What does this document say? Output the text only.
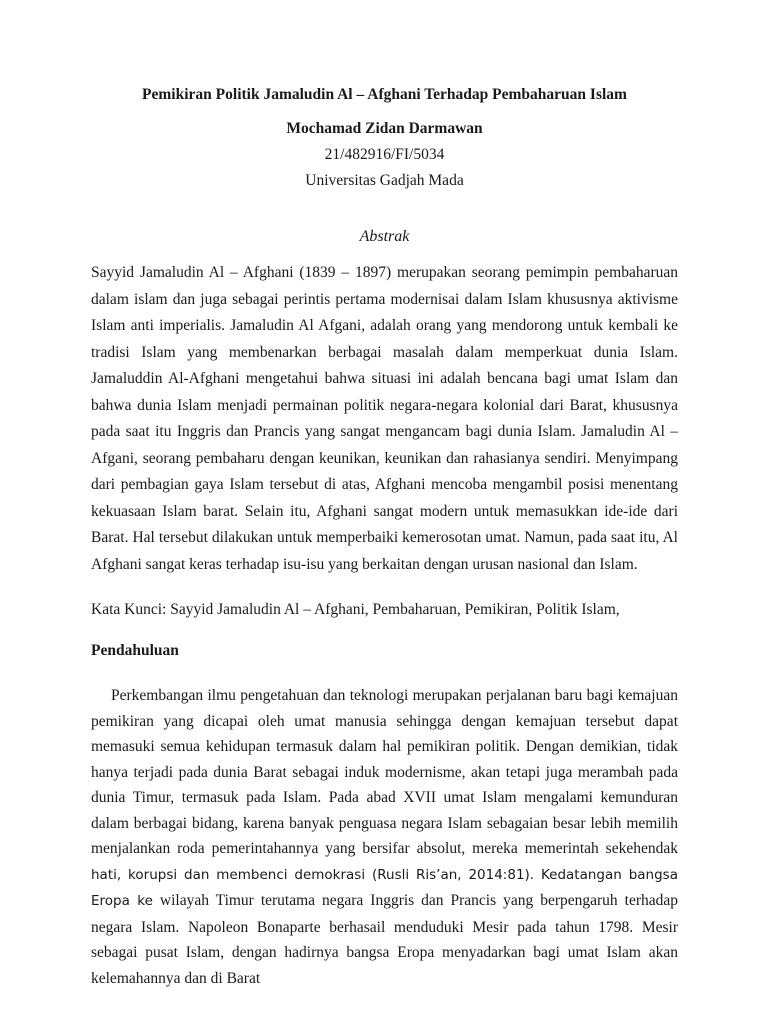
Pemikiran Politik Jamaludin Al – Afghani Terhadap Pembaharuan Islam
Mochamad Zidan Darmawan
21/482916/FI/5034
Universitas Gadjah Mada
Abstrak

Sayyid Jamaludin Al – Afghani (1839 – 1897) merupakan seorang pemimpin pembaharuan dalam islam dan juga sebagai perintis pertama modernisai dalam Islam khususnya aktivisme Islam anti imperialis. Jamaludin Al Afgani, adalah orang yang mendorong untuk kembali ke tradisi Islam yang membenarkan berbagai masalah dalam memperkuat dunia Islam. Jamaluddin Al-Afghani mengetahui bahwa situasi ini adalah bencana bagi umat Islam dan bahwa dunia Islam menjadi permainan politik negara-negara kolonial dari Barat, khususnya pada saat itu Inggris dan Prancis yang sangat mengancam bagi dunia Islam. Jamaludin Al – Afgani, seorang pembaharu dengan keunikan, keunikan dan rahasianya sendiri. Menyimpang dari pembagian gaya Islam tersebut di atas, Afghani mencoba mengambil posisi menentang kekuasaan Islam barat. Selain itu, Afghani sangat modern untuk memasukkan ide-ide dari Barat. Hal tersebut dilakukan untuk memperbaiki kemerosotan umat. Namun, pada saat itu, Al Afghani sangat keras terhadap isu-isu yang berkaitan dengan urusan nasional dan Islam.

Kata Kunci: Sayyid Jamaludin Al – Afghani, Pembaharuan, Pemikiran, Politik Islam,

Pendahuluan

Perkembangan ilmu pengetahuan dan teknologi merupakan perjalanan baru bagi kemajuan pemikiran yang dicapai oleh umat manusia sehingga dengan kemajuan tersebut dapat memasuki semua kehidupan termasuk dalam hal pemikiran politik. Dengan demikian, tidak hanya terjadi pada dunia Barat sebagai induk modernisme, akan tetapi juga merambah pada dunia Timur, termasuk pada Islam. Pada abad XVII umat Islam mengalami kemunduran dalam berbagai bidang, karena banyak penguasa negara Islam sebagaian besar lebih memilih menjalankan roda pemerintahannya yang bersifar absolut, mereka memerintah sekehendak hati, korupsi dan membenci demokrasi (Rusli Ris’an, 2014:81). Kedatangan bangsa Eropa ke wilayah Timur terutama negara Inggris dan Prancis yang berpengaruh terhadap negara Islam. Napoleon Bonaparte berhasail menduduki Mesir pada tahun 1798. Mesir sebagai pusat Islam, dengan hadirnya bangsa Eropa menyadarkan bagi umat Islam akan kelemahannya dan di Barat
